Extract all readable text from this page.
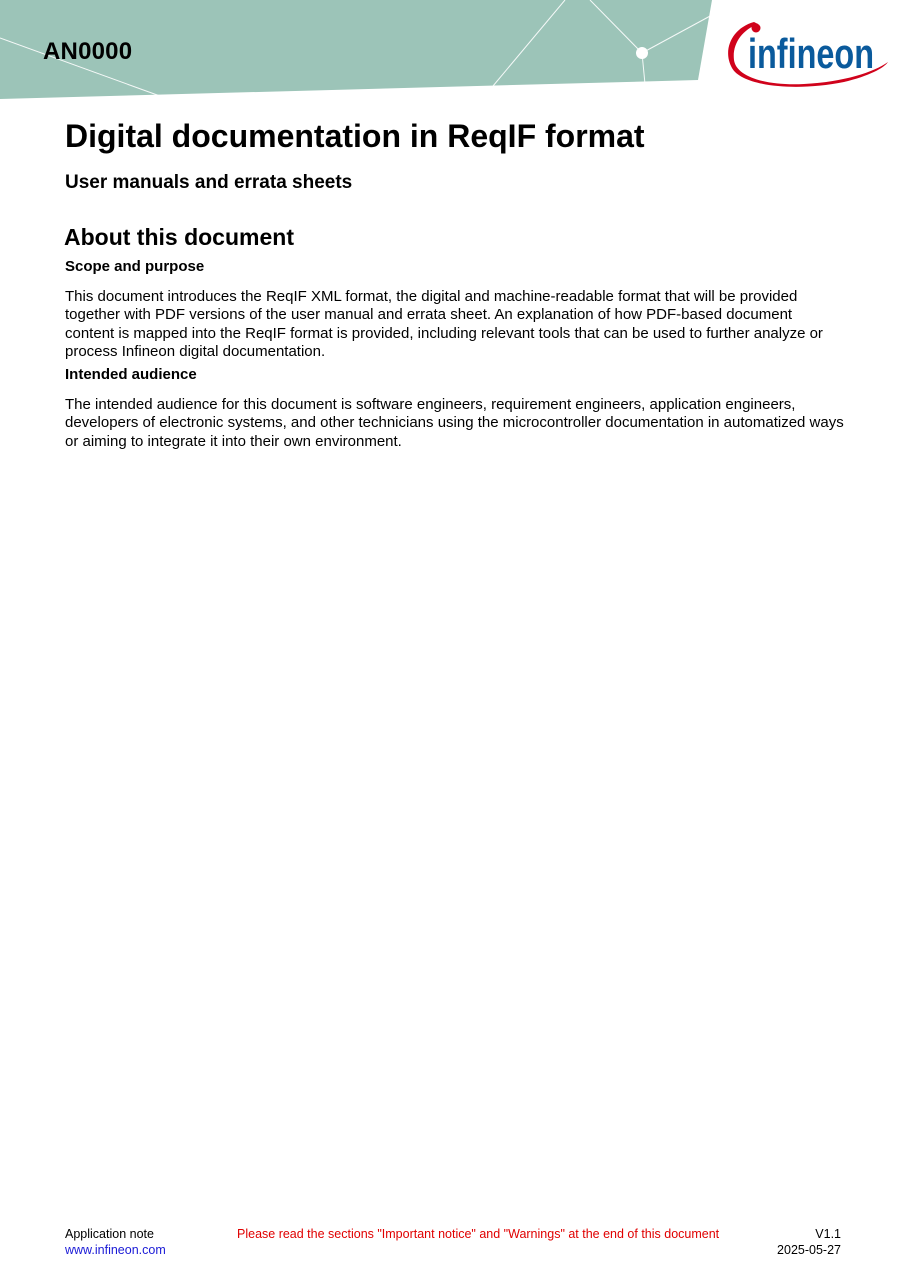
AN0000	infineon
Digital documentation in ReqIF format
User manuals and errata sheets
About this document
Scope and purpose

This document introduces the ReqIF XML format, the digital and machine-readable format that will be provided together with PDF versions of the user manual and errata sheet. An explanation of how PDF-based document content is mapped into the ReqIF format is provided, including relevant tools that can be used to further analyze or process Infineon digital documentation.

Intended audience

The intended audience for this document is software engineers, requirement engineers, application engineers, developers of electronic systems, and other technicians using the microcontroller documentation in automatized ways or aiming to integrate it into their own environment.

Application note
www.infineon.com
Please read the sections "Important notice" and "Warnings" at the end of this document	V1.1
2025-05-27
